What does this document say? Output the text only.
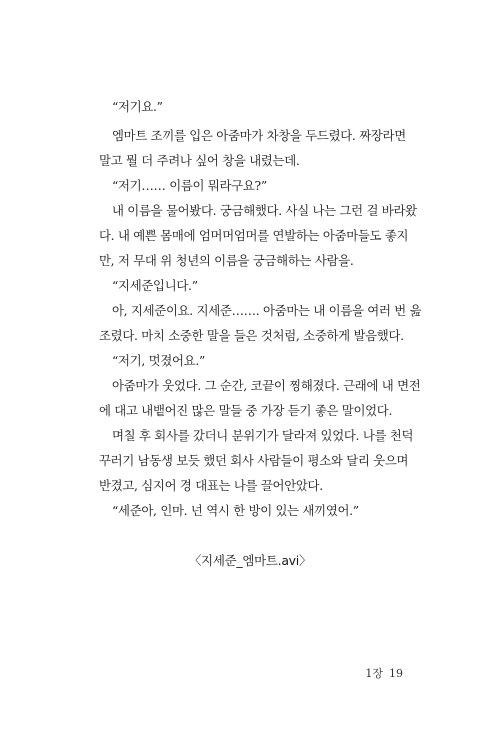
“저기요.”
엠마트 조끼를 입은 아줌마가 차창을 두드렸다. 짜장라면
말고 뭘 더 주려나 싶어 창을 내렸는데.
“저기…… 이름이 뭐라구요?”
내 이름을 물어봤다. 궁금해했다. 사실 나는 그런 걸 바라왔
다. 내 예쁜 몸매에 엄머머엄머를 연발하는 아줌마들도 좋지
만, 저 무대 위 청년의 이름을 궁금해하는 사람을.
“지세준입니다.”
아, 지세준이요. 지세준……. 아줌마는 내 이름을 여러 번 읊
조렸다. 마치 소중한 말을 들은 것처럼, 소중하게 발음했다.
“저기, 멋졌어요.”
아줌마가 웃었다. 그 순간, 코끝이 찡해졌다. 근래에 내 면전
에 대고 내뱉어진 많은 말들 중 가장 듣기 좋은 말이었다.
며칠 후 회사를 갔더니 분위기가 달라져 있었다. 나를 천덕
꾸러기 남동생 보듯 했던 회사 사람들이 평소와 달리 웃으며
반겼고, 심지어 경 대표는 나를 끌어안았다.
“세준아, 인마. 넌 역시 한 방이 있는 새끼였어.”
〈지세준_엠마트.avi〉
1장 19
